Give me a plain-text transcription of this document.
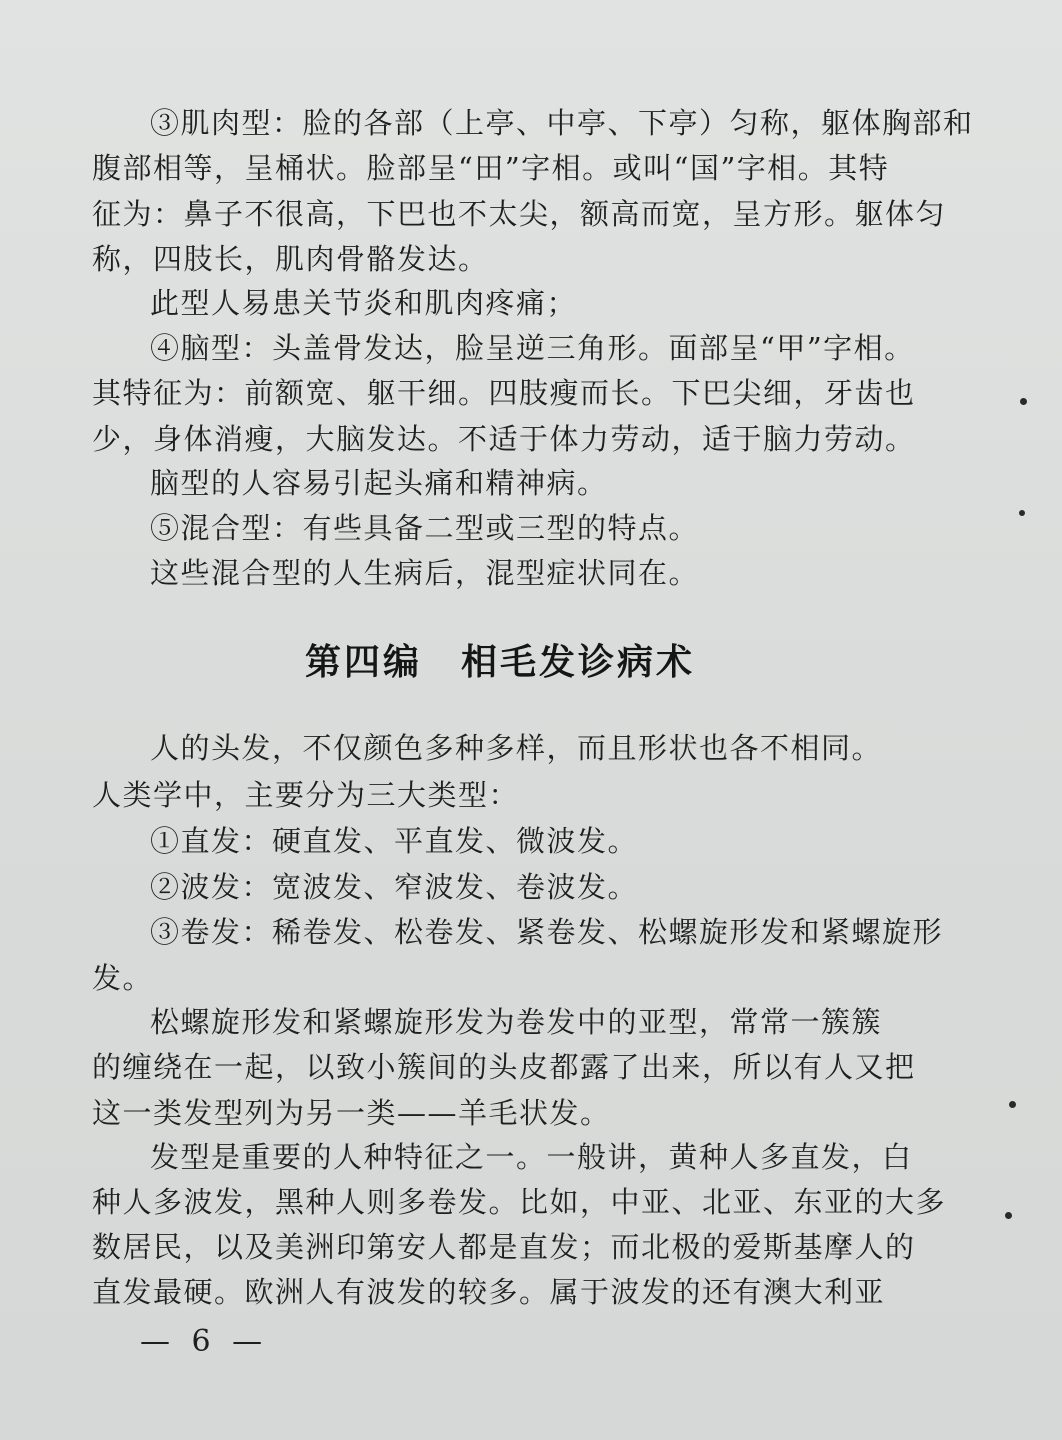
③肌肉型：脸的各部（上亭、中亭、下亭）匀称，躯体胸部和
腹部相等，呈桶状。脸部呈“田”字相。或叫“国”字相。其特
征为：鼻子不很高，下巴也不太尖，额高而宽，呈方形。躯体匀
称，四肢长，肌肉骨骼发达。
此型人易患关节炎和肌肉疼痛；
④脑型：头盖骨发达，脸呈逆三角形。面部呈“甲”字相。
其特征为：前额宽、躯干细。四肢瘦而长。下巴尖细，牙齿也
少，身体消瘦，大脑发达。不适于体力劳动，适于脑力劳动。
脑型的人容易引起头痛和精神病。
⑤混合型：有些具备二型或三型的特点。
这些混合型的人生病后，混型症状同在。
第四编　相毛发诊病术
人的头发，不仅颜色多种多样，而且形状也各不相同。
人类学中，主要分为三大类型：
①直发：硬直发、平直发、微波发。
②波发：宽波发、窄波发、卷波发。
③卷发：稀卷发、松卷发、紧卷发、松螺旋形发和紧螺旋形
发。
松螺旋形发和紧螺旋形发为卷发中的亚型，常常一簇簇
的缠绕在一起，以致小簇间的头皮都露了出来，所以有人又把
这一类发型列为另一类——羊毛状发。
发型是重要的人种特征之一。一般讲，黄种人多直发，白
种人多波发，黑种人则多卷发。比如，中亚、北亚、东亚的大多
数居民，以及美洲印第安人都是直发；而北极的爱斯基摩人的
直发最硬。欧洲人有波发的较多。属于波发的还有澳大利亚
— 6 —
